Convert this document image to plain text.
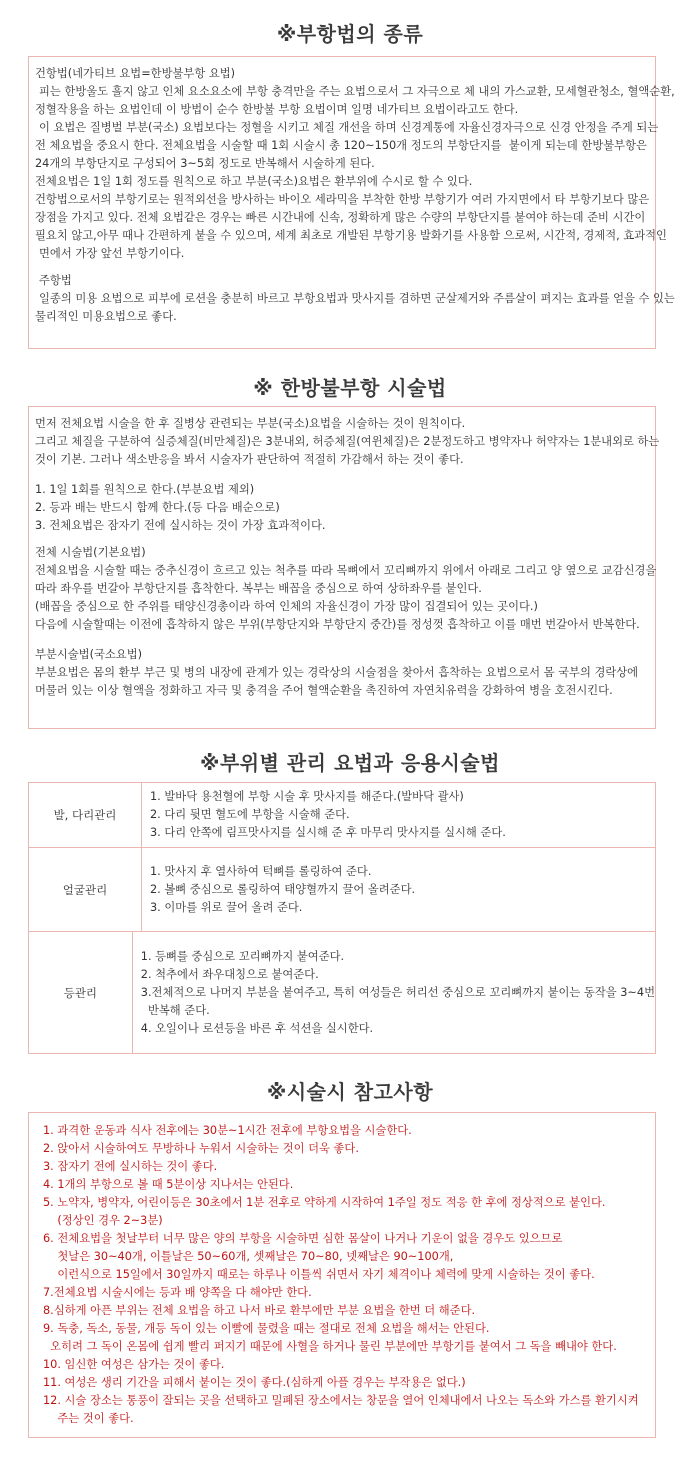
※부항법의 종류
건항법(네가티브 요법=한방불부항 요법)
피는 한방울도 흘지 않고 인체 요소요소에 부항 충격만을 주는 요법으로서 그 자극으로 체 내의 가스교환, 모세혈관청소, 혈액순환,
정혈작용을 하는 요법인데 이 방법이 순수 한방불 부항 요법이며 일명 네가티브 요법이라고도 한다.
이 요법은 질병벌 부분(국소) 요법보다는 정혈을 시키고 체질 개선을 하며 신경계통에 자율신경자극으로 신경 안정을 주게 되는
전 체요법을 중요시 한다. 전체요법을 시술할 때 1회 시술시 총 120~150개 정도의 부항단지를  붙이게 되는데 한방불부항은
24개의 부항단지로 구성되어 3~5회 정도로 반복해서 시술하게 된다.
전체요법은 1일 1회 정도를 원칙으로 하고 부분(국소)요법은 환부위에 수시로 할 수 있다.
건항법으로서의 부항기로는 원적외선을 방사하는 바이오 세라믹을 부착한 한방 부항기가 여러 가지면에서 타 부항기보다 많은
장점을 가지고 있다. 전체 요법같은 경우는 빠른 시간내에 신속, 정확하게 많은 수량의 부항단지를 붙여야 하는데 준비 시간이
필요치 않고,아무 때나 간편하게 붙을 수 있으며, 세계 최초로 개발된 부항기용 발화기를 사용함 으로써, 시간적, 경제적, 효과적인
면에서 가장 앞선 부항기이다.
주항법
일종의 미용 요법으로 피부에 로션을 충분히 바르고 부항요법과 맛사지를 겸하면 군살제거와 주름살이 펴지는 효과를 얻을 수 있는
물리적인 미용요법으로 좋다.
※ 한방불부항 시술법
먼저 전체요법 시술을 한 후 질병상 관련되는 부분(국소)요법을 시술하는 것이 원칙이다.
그리고 체질을 구분하여 실증체질(비만체질)은 3분내외, 허증체질(여윈체질)은 2분정도하고 병약자나 허약자는 1분내외로 하는
것이 기본. 그러나 색소반응을 봐서 시술자가 판단하여 적절히 가감해서 하는 것이 좋다.
1. 1일 1회를 원칙으로 한다.(부분요법 제외)
2. 등과 배는 반드시 함께 한다.(등 다음 배순으로)
3. 전체요법은 잠자기 전에 실시하는 것이 가장 효과적이다.
전체 시술법(기본요법)
전체요법을 시술할 때는 중추신경이 흐르고 있는 척추를 따라 목뼈에서 꼬리뼈까지 위에서 아래로 그리고 양 옆으로 교감신경을
따라 좌우를 번갈아 부항단지를 흡착한다. 복부는 배꼽을 중심으로 하여 상하좌우를 붙인다.
(배꼽을 중심으로 한 주위를 태양신경총이라 하여 인체의 자율신경이 가장 많이 집결되어 있는 곳이다.)
다음에 시술할때는 이전에 흡착하지 않은 부위(부항단지와 부항단지 중간)를 정성껏 흡착하고 이를 매번 번갈아서 반복한다.
부분시술법(국소요법)
부분요법은 몸의 환부 부근 및 병의 내장에 관계가 있는 경락상의 시술점을 찾아서 흡착하는 요법으로서 몸 국부의 경락상에
머물러 있는 이상 혈액을 정화하고 자극 및 충격을 주어 혈액순환을 촉진하여 자연치유력을 강화하여 병을 호전시킨다.
※부위별 관리 요법과 응용시술법
발, 다리관리
1. 발바닥 용천혈에 부항 시술 후 맛사지를 해준다.(발바닥 괄사)
2. 다리 뒷면 혈도에 부항을 시술해 준다.
3. 다리 안쪽에 림프맛사지를 실시해 준 후 마무리 맛사지를 실시해 준다.
얼굴관리
1. 맛사지 후 열사하여 턱뼈를 롤링하여 준다.
2. 볼뼈 중심으로 롤링하여 태양혈까지 끌어 올려준다.
3. 이마를 위로 끌어 올려 준다.
등관리
1. 등뼈를 중심으로 꼬리뼈까지 붙여준다.
2. 척추에서 좌우대칭으로 붙여준다.
3.전체적으로 나머지 부분을 붙여주고, 특히 여성들은 허리선 중심으로 꼬리뼈까지 붙이는 동작을 3~4번
반복해 준다.
4. 오일이나 로션등을 바른 후 석션을 실시한다.
※시술시 참고사항
1. 과격한 운동과 식사 전후에는 30분~1시간 전후에 부항요법을 시술한다.
2. 앉아서 시술하여도 무방하나 누워서 시술하는 것이 더욱 좋다.
3. 잠자기 전에 실시하는 것이 좋다.
4. 1개의 부항으로 볼 때 5분이상 지나서는 안된다.
5. 노약자, 병약자, 어린이등은 30초에서 1분 전후로 약하게 시작하여 1주일 정도 적응 한 후에 정상적으로 붙인다.
(정상인 경우 2~3분)
6. 전체요법을 첫날부터 너무 많은 양의 부항을 시술하면 심한 몸살이 나거나 기운이 없을 경우도 있으므로
첫날은 30~40개, 이틀날은 50~60개, 셋째날은 70~80, 넷째날은 90~100개,
이런식으로 15일에서 30일까지 때로는 하루나 이틀씩 쉬면서 자기 체격이나 체력에 맞게 시술하는 것이 좋다.
7.전체요법 시술시에는 등과 배 양쪽을 다 해야만 한다.
8.심하게 아픈 부위는 전체 요법을 하고 나서 바로 환부에만 부분 요법을 한번 더 해준다.
9. 독충, 독소, 동물, 개등 독이 있는 이빨에 물렸을 때는 절대로 전체 요법을 해서는 안된다.
오히려 그 독이 온몸에 쉽게 빨리 퍼지기 때문에 사혈을 하거나 물린 부분에만 부항기를 붙여서 그 독을 빼내야 한다.
10. 임신한 여성은 삼가는 것이 좋다.
11. 여성은 생리 기간을 피해서 붙이는 것이 좋다.(심하게 아플 경우는 부작용은 없다.)
12. 시술 장소는 통풍이 잘되는 곳을 선택하고 밀폐된 장소에서는 창문을 열어 인체내에서 나오는 독소와 가스를 환기시켜
주는 것이 좋다.
